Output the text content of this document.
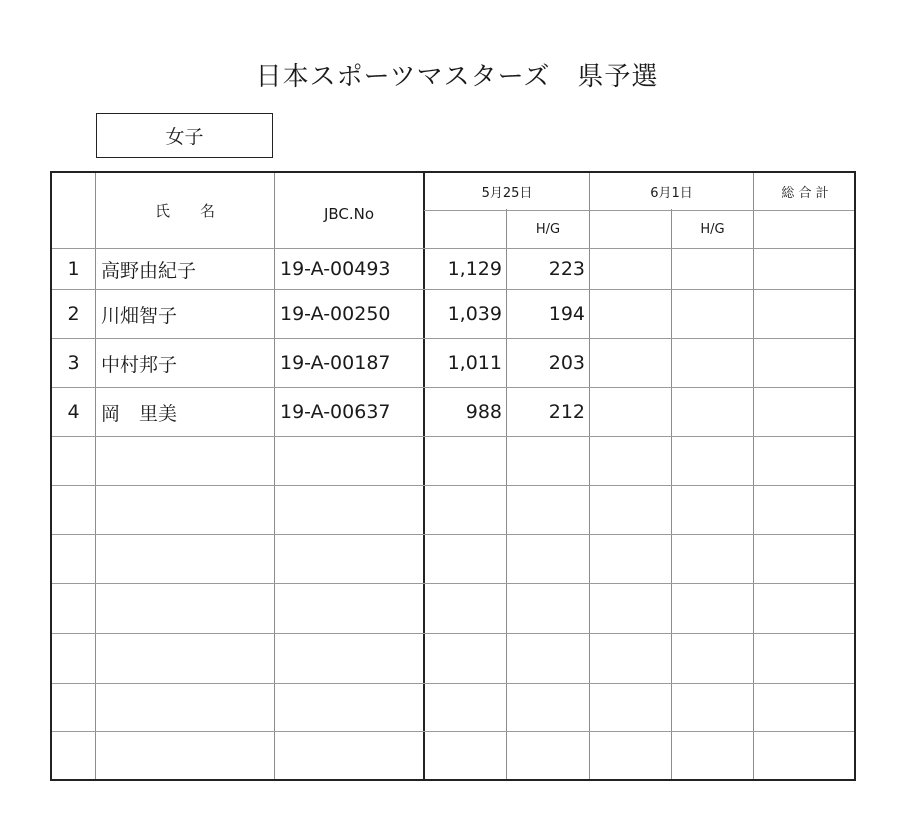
日本スポーツマスターズ　県予選
女子
氏　　名	JBC.No
5月25日	6月1日	総 合 計
H/G	H/G
1	高野由紀子	19-A-00493	1,129	223
2	川畑智子	19-A-00250	1,039	194
3	中村邦子	19-A-00187	1,011	203
4	岡　里美	19-A-00637	988	212
